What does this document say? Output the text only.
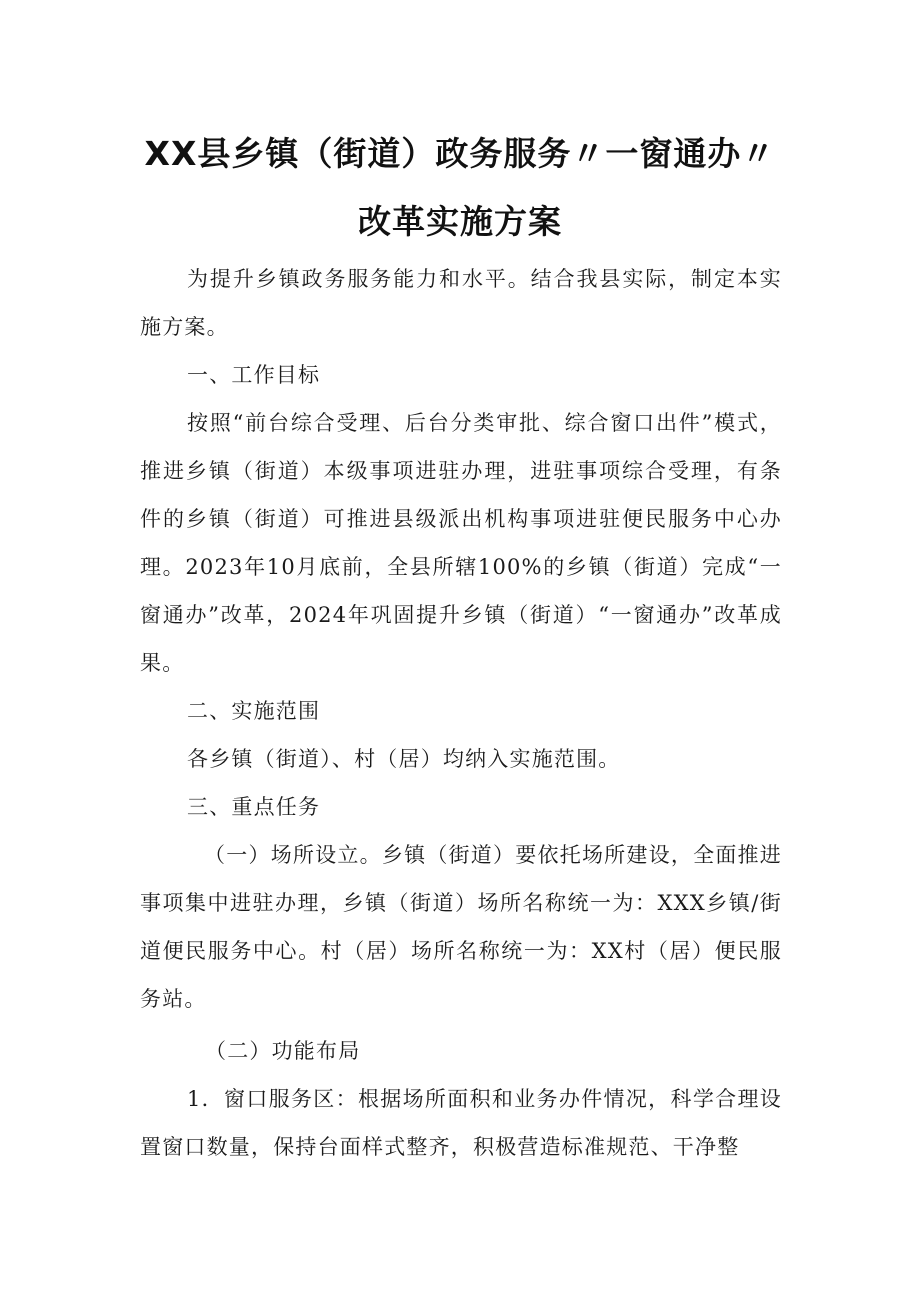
XX县乡镇（街道）政务服务〃一窗通办〃
改革实施方案

为提升乡镇政务服务能力和水平。结合我县实际，制定本实施方案。

一、工作目标

按照“前台综合受理、后台分类审批、综合窗口出件”模式，推进乡镇（街道）本级事项进驻办理，进驻事项综合受理，有条件的乡镇（街道）可推进县级派出机构事项进驻便民服务中心办理。2023年10月底前，全县所辖100%的乡镇（街道）完成“一窗通办”改革，2024年巩固提升乡镇（街道）“一窗通办”改革成果。

二、实施范围

各乡镇（街道）、村（居）均纳入实施范围。

三、重点任务

（一）场所设立。乡镇（街道）要依托场所建设，全面推进事项集中进驻办理，乡镇（街道）场所名称统一为：XXX乡镇/街道便民服务中心。村（居）场所名称统一为：XX村（居）便民服务站。

（二）功能布局

1．窗口服务区：根据场所面积和业务办件情况，科学合理设置窗口数量，保持台面样式整齐，积极营造标准规范、干净整
